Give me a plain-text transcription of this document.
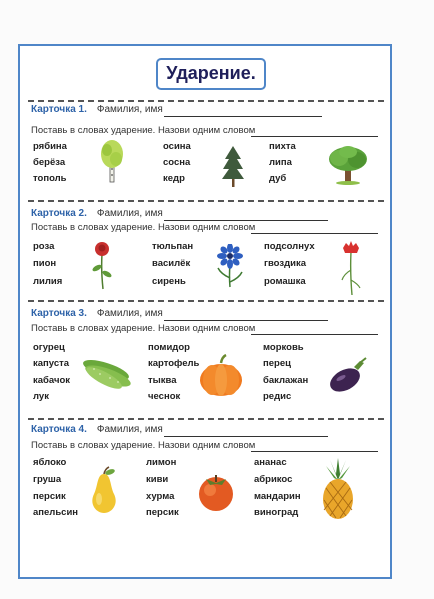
Ударение.
Карточка 1. Фамилия, имя
Поставь в словах ударение. Назови одним словом
рябина
берёза
тополь
осина
сосна
кедр
пихта
липа
дуб
Карточка 2. Фамилия, имя
Поставь в словах ударение. Назови одним словом
роза
пион
лилия
тюльпан
василёк
сирень
подсолнух
гвоздика
ромашка
Карточка 3. Фамилия, имя
Поставь в словах ударение. Назови одним словом
огурец
капуста
кабачок
лук
помидор
картофель
тыква
чеснок
морковь
перец
баклажан
редис
Карточка 4. Фамилия, имя
Поставь в словах ударение. Назови одним словом
яблоко
груша
персик
апельсин
лимон
киви
хурма
персик
ананас
абрикос
мандарин
виноград
